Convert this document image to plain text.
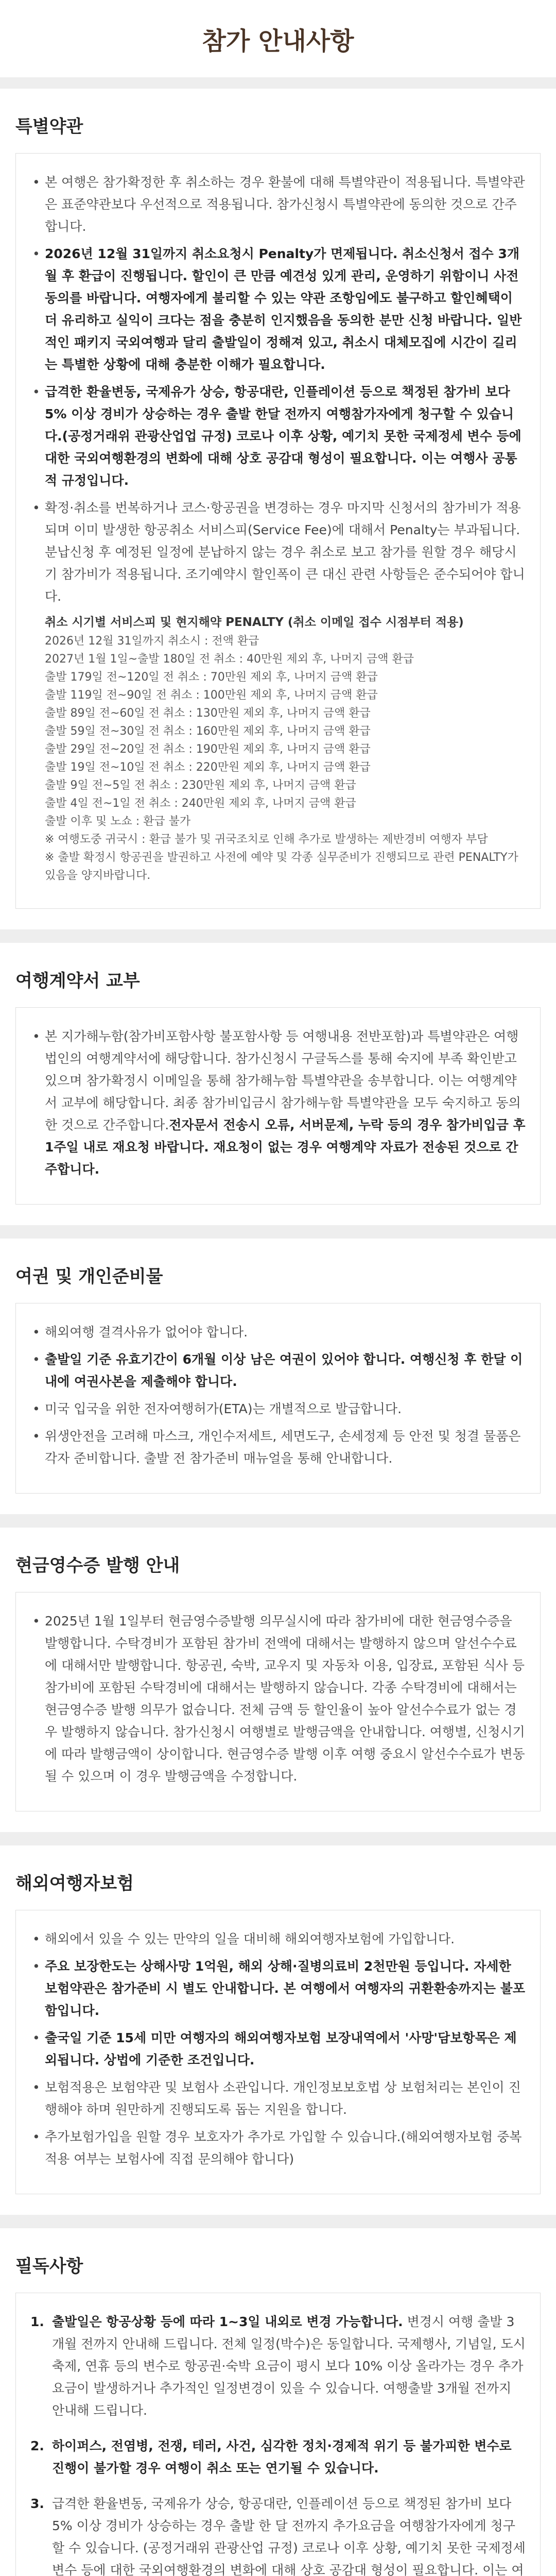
참가 안내사항
특별약관

• 본 여행은 참가확정한 후 취소하는 경우 환불에 대해 특별약관이 적용됩니다. 특별약관은 표준약관보다 우선적으로 적용됩니다. 참가신청시 특별약관에 동의한 것으로 간주합니다.

• 2026년 12월 31일까지 취소요청시 Penalty가 면제됩니다. 취소신청서 접수 3개월 후 환급이 진행됩니다. 할인이 큰 만큼 예견성 있게 관리, 운영하기 위함이니 사전동의를 바랍니다. 여행자에게 불리할 수 있는 약관 조항임에도 불구하고 할인혜택이 더 유리하고 실익이 크다는 점을 충분히 인지했음을 동의한 분만 신청 바랍니다. 일반적인 패키지 국외여행과 달리 출발일이 정해져 있고, 취소시 대체모집에 시간이 길리는 특별한 상황에 대해 충분한 이해가 필요합니다.

• 급격한 환율변동, 국제유가 상승, 항공대란, 인플레이션 등으로 책정된 참가비 보다 5% 이상 경비가 상승하는 경우 출발 한달 전까지 여행참가자에게 청구할 수 있습니다.(공정거래위 관광산업업 규정) 코로나 이후 상황, 예기치 못한 국제정세 변수 등에 대한 국외여행환경의 변화에 대해 상호 공감대 형성이 필요합니다. 이는 여행사 공통적 규정입니다.

• 확정·취소를 번복하거나 코스·항공권을 변경하는 경우 마지막 신청서의 참가비가 적용되며 이미 발생한 항공취소 서비스피(Service Fee)에 대해서 Penalty는 부과됩니다. 분납신청 후 예정된 일정에 분납하지 않는 경우 취소로 보고 참가를 원할 경우 해당시기 참가비가 적용됩니다. 조기예약시 할인폭이 큰 대신 관련 사항들은 준수되어야 합니다.

취소 시기별 서비스피 및 현지해약 PENALTY (취소 이메일 접수 시점부터 적용)

2026년 12월 31일까지 취소시 : 전액 환급

2027년 1월 1일~출발 180일 전 취소 : 40만원 제외 후, 나머지 금액 환급

출발 179일 전~120일 전 취소 : 70만원 제외 후, 나머지 금액 환급

출발 119일 전~90일 전 취소 : 100만원 제외 후, 나머지 금액 환급

출발 89일 전~60일 전 취소 : 130만원 제외 후, 나머지 금액 환급

출발 59일 전~30일 전 취소 : 160만원 제외 후, 나머지 금액 환급

출발 29일 전~20일 전 취소 : 190만원 제외 후, 나머지 금액 환급

출발 19일 전~10일 전 취소 : 220만원 제외 후, 나머지 금액 환급

출발 9일 전~5일 전 취소 : 230만원 제외 후, 나머지 금액 환급

출발 4일 전~1일 전 취소 : 240만원 제외 후, 나머지 금액 환급

출발 이후 및 노쇼 : 환급 불가

※ 여행도중 귀국시 : 환급 불가 및 귀국조치로 인해 추가로 발생하는 제반경비 여행자 부담

※ 출발 확정시 항공권을 발권하고 사전에 예약 및 각종 실무준비가 진행되므로 관련 PENALTY가 있음을 양지바랍니다.

여행계약서 교부

• 본 지가해누함(참가비포함사항 불포함사항 등 여행내용 전반포함)과 특별약관은 여행법인의 여행계약서에 해당합니다. 참가신청시 구글독스를 통해 숙지에 부족 확인받고 있으며 참가확정시 이메일을 통해 참가해누함 특별약관을 송부합니다. 이는 여행계약서 교부에 해당합니다. 최종 참가비입금시 참가해누함 특별약관을 모두 숙지하고 동의한 것으로 간주합니다.전자문서 전송시 오류, 서버문제, 누락 등의 경우 참가비입금 후 1주일 내로 재요청 바랍니다. 재요청이 없는 경우 여행계약 자료가 전송된 것으로 간주합니다.

여권 및 개인준비물

• 해외여행 결격사유가 없어야 합니다.

• 출발일 기준 유효기간이 6개월 이상 남은 여권이 있어야 합니다. 여행신청 후 한달 이내에 여권사본을 제출해야 합니다.

• 미국 입국을 위한 전자여행허가(ETA)는 개별적으로 발급합니다.

• 위생안전을 고려해 마스크, 개인수저세트, 세면도구, 손세정제 등 안전 및 청결 물품은 각자 준비합니다. 출발 전 참가준비 매뉴얼을 통해 안내합니다.

현금영수증 발행 안내

• 2025년 1월 1일부터 현금영수증발행 의무실시에 따라 참가비에 대한 현금영수증을 발행합니다. 수탁경비가 포함된 참가비 전액에 대해서는 발행하지 않으며 알선수수료에 대해서만 발행합니다. 항공권, 숙박, 교우지 및 자동차 이용, 입장료, 포함된 식사 등 참가비에 포함된 수탁경비에 대해서는 발행하지 않습니다. 각종 수탁경비에 대해서는 현금영수증 발행 의무가 없습니다. 전체 금액 등 할인율이 높아 알선수수료가 없는 경우 발행하지 않습니다. 참가신청시 여행별로 발행금액을 안내합니다. 여행별, 신청시기에 따라 발행금액이 상이합니다. 현금영수증 발행 이후 여행 중요시 알선수수료가 변동될 수 있으며 이 경우 발행금액을 수정합니다.

해외여행자보험

• 해외에서 있을 수 있는 만약의 일을 대비해 해외여행자보험에 가입합니다.

• 주요 보장한도는 상해사망 1억원, 해외 상해·질병의료비 2천만원 등입니다. 자세한 보험약관은 참가준비 시 별도 안내합니다. 본 여행에서 여행자의 귀환환송까지는 불포함입니다.

• 출국일 기준 15세 미만 여행자의 해외여행자보험 보장내역에서 '사망'담보항목은 제외됩니다. 상법에 기준한 조건입니다.

• 보험적용은 보험약관 및 보험사 소관입니다. 개인정보보호법 상 보험처리는 본인이 진행해야 하며 원만하게 진행되도록 돕는 지원을 합니다.

• 추가보험가입을 원할 경우 보호자가 추가로 가입할 수 있습니다.(해외여행자보험 중복적용 여부는 보험사에 직접 문의해야 합니다)

필독사항

1. 출발일은 항공상황 등에 따라 1~3일 내외로 변경 가능합니다. 변경시 여행 출발 3개월 전까지 안내해 드립니다. 전체 일정(박수)은 동일합니다. 국제행사, 기념일, 도시축제, 연휴 등의 변수로 항공권·숙박 요금이 평시 보다 10% 이상 올라가는 경우 추가요금이 발생하거나 추가적인 일정변경이 있을 수 있습니다. 여행출발 3개월 전까지 안내해 드립니다.

2. 하이퍼스, 전염병, 전쟁, 테러, 사건, 심각한 정치·경제적 위기 등 불가피한 변수로 진행이 불가할 경우 여행이 취소 또는 연기될 수 있습니다.

3. 급격한 환율변동, 국제유가 상승, 항공대란, 인플레이션 등으로 책정된 참가비 보다 5% 이상 경비가 상승하는 경우 출발 한 달 전까지 추가요금을 여행참가자에게 청구할 수 있습니다. (공정거래위 관광산업 규정) 코로나 이후 상황, 예기치 못한 국제정세 변수 등에 대한 국외여행환경의 변화에 대해 상호 공감대 형성이 필요합니다. 이는 여
